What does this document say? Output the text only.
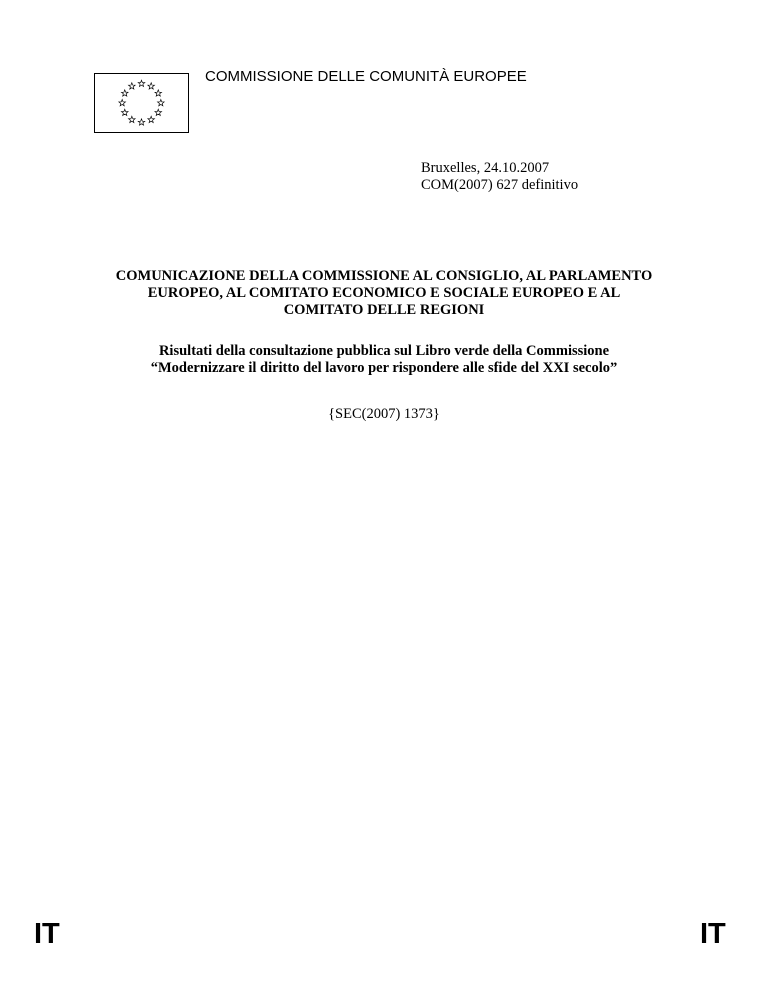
COMMISSIONE DELLE COMUNITÀ EUROPEE
Bruxelles, 24.10.2007
COM(2007) 627 definitivo
COMUNICAZIONE DELLA COMMISSIONE AL CONSIGLIO, AL PARLAMENTO
EUROPEO, AL COMITATO ECONOMICO E SOCIALE EUROPEO E AL
COMITATO DELLE REGIONI
Risultati della consultazione pubblica sul Libro verde della Commissione
“Modernizzare il diritto del lavoro per rispondere alle sfide del XXI secolo”
{SEC(2007) 1373}
IT	IT
